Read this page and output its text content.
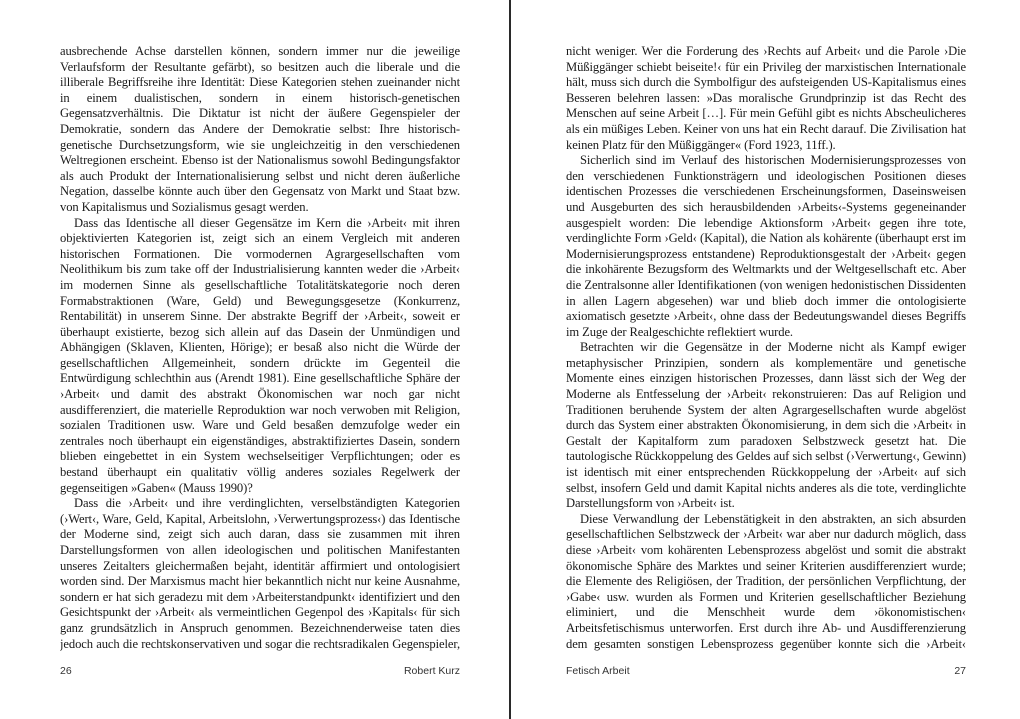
ausbrechende Achse darstellen können, sondern immer nur die jeweilige Verlaufsform der Resultante gefärbt), so besitzen auch die liberale und die illiberale Begriffsreihe ihre Identität: Diese Kategorien stehen zueinander nicht in einem dualistischen, sondern in einem historisch-genetischen Gegensatzverhältnis. Die Diktatur ist nicht der äußere Gegenspieler der Demokratie, sondern das Andere der Demokratie selbst: Ihre historisch-genetische Durchsetzungsform, wie sie ungleichzeitig in den verschiedenen Weltregionen erscheint. Ebenso ist der Nationalismus sowohl Bedingungsfaktor als auch Produkt der Internationalisierung selbst und nicht deren äußerliche Negation, dasselbe könnte auch über den Gegensatz von Markt und Staat bzw. von Kapitalismus und Sozialismus gesagt werden.

Dass das Identische all dieser Gegensätze im Kern die ›Arbeit‹ mit ihren objektivierten Kategorien ist, zeigt sich an einem Vergleich mit anderen historischen Formationen. Die vormodernen Agrargesellschaften vom Neolithikum bis zum take off der Industrialisierung kannten weder die ›Arbeit‹ im modernen Sinne als gesellschaftliche Totalitätskategorie noch deren Formabstraktionen (Ware, Geld) und Bewegungsgesetze (Konkurrenz, Rentabilität) in unserem Sinne. Der abstrakte Begriff der ›Arbeit‹, soweit er überhaupt existierte, bezog sich allein auf das Dasein der Unmündigen und Abhängigen (Sklaven, Klienten, Hörige); er besaß also nicht die Würde der gesellschaftlichen Allgemeinheit, sondern drückte im Gegenteil die Entwürdigung schlechthin aus (Arendt 1981). Eine gesellschaftliche Sphäre der ›Arbeit‹ und damit des abstrakt Ökonomischen war noch gar nicht ausdifferenziert, die materielle Reproduktion war noch verwoben mit Religion, sozialen Traditionen usw. Ware und Geld besaßen demzufolge weder ein zentrales noch überhaupt ein eigenständiges, abstraktifiziertes Dasein, sondern blieben eingebettet in ein System wechselseitiger Verpflichtungen; oder es bestand überhaupt ein qualitativ völlig anderes soziales Regelwerk der gegenseitigen »Gaben« (Mauss 1990)?

Dass die ›Arbeit‹ und ihre verdinglichten, verselbständigten Kategorien (›Wert‹, Ware, Geld, Kapital, Arbeitslohn, ›Verwertungsprozess‹) das Identische der Moderne sind, zeigt sich auch daran, dass sie zusammen mit ihren Darstellungsformen von allen ideologischen und politischen Manifestanten unseres Zeitalters gleichermaßen bejaht, identitär affirmiert und ontologisiert worden sind. Der Marxismus macht hier bekanntlich nicht nur keine Ausnahme, sondern er hat sich geradezu mit dem ›Arbeiterstandpunkt‹ identifiziert und den Gesichtspunkt der ›Arbeit‹ als vermeintlichen Gegenpol des ›Kapitals‹ für sich ganz grundsätzlich in Anspruch genommen. Bezeichnenderweise taten dies jedoch auch die rechtskonservativen und sogar die rechtsradikalen Gegenspieler,

nicht weniger. Wer die Forderung des ›Rechts auf Arbeit‹ und die Parole ›Die Müßiggänger schiebt beiseite!‹ für ein Privileg der marxistischen Internationale hält, muss sich durch die Symbolfigur des aufsteigenden US-Kapitalismus eines Besseren belehren lassen: »Das moralische Grundprinzip ist das Recht des Menschen auf seine Arbeit […]. Für mein Gefühl gibt es nichts Abscheulicheres als ein müßiges Leben. Keiner von uns hat ein Recht darauf. Die Zivilisation hat keinen Platz für den Müßiggänger« (Ford 1923, 11ff.).

Sicherlich sind im Verlauf des historischen Modernisierungsprozesses von den verschiedenen Funktionsträgern und ideologischen Positionen dieses identischen Prozesses die verschiedenen Erscheinungsformen, Daseinsweisen und Ausgeburten des sich herausbildenden ›Arbeits‹-Systems gegeneinander ausgespielt worden: Die lebendige Aktionsform ›Arbeit‹ gegen ihre tote, verdinglichte Form ›Geld‹ (Kapital), die Nation als kohärente (überhaupt erst im Modernisierungsprozess entstandene) Reproduktionsgestalt der ›Arbeit‹ gegen die inkohärente Bezugsform des Weltmarkts und der Weltgesellschaft etc. Aber die Zentralsonne aller Identifikationen (von wenigen hedonistischen Dissidenten in allen Lagern abgesehen) war und blieb doch immer die ontologisierte axiomatisch gesetzte ›Arbeit‹, ohne dass der Bedeutungswandel dieses Begriffs im Zuge der Realgeschichte reflektiert wurde.

Betrachten wir die Gegensätze in der Moderne nicht als Kampf ewiger metaphysischer Prinzipien, sondern als komplementäre und genetische Momente eines einzigen historischen Prozesses, dann lässt sich der Weg der Moderne als Entfesselung der ›Arbeit‹ rekonstruieren: Das auf Religion und Traditionen beruhende System der alten Agrargesellschaften wurde abgelöst durch das System einer abstrakten Ökonomisierung, in dem sich die ›Arbeit‹ in Gestalt der Kapitalform zum paradoxen Selbstzweck gesetzt hat. Die tautologische Rückkoppelung des Geldes auf sich selbst (›Verwertung‹, Gewinn) ist identisch mit einer entsprechenden Rückkoppelung der ›Arbeit‹ auf sich selbst, insofern Geld und damit Kapital nichts anderes als die tote, verdinglichte Darstellungsform von ›Arbeit‹ ist.

Diese Verwandlung der Lebenstätigkeit in den abstrakten, an sich absurden gesellschaftlichen Selbstzweck der ›Arbeit‹ war aber nur dadurch möglich, dass diese ›Arbeit‹ vom kohärenten Lebensprozess abgelöst und somit die abstrakt ökonomische Sphäre des Marktes und seiner Kriterien ausdifferenziert wurde; die Elemente des Religiösen, der Tradition, der persönlichen Verpflichtung, der ›Gabe‹ usw. wurden als Formen und Kriterien gesellschaftlicher Beziehung eliminiert, und die Menschheit wurde dem ›ökonomistischen‹ Arbeitsfetischismus unterworfen. Erst durch ihre Ab- und Ausdifferenzierung dem gesamten sonstigen Lebensprozess gegenüber konnte sich die ›Arbeit‹

26	Robert Kurz	Fetisch Arbeit	27
